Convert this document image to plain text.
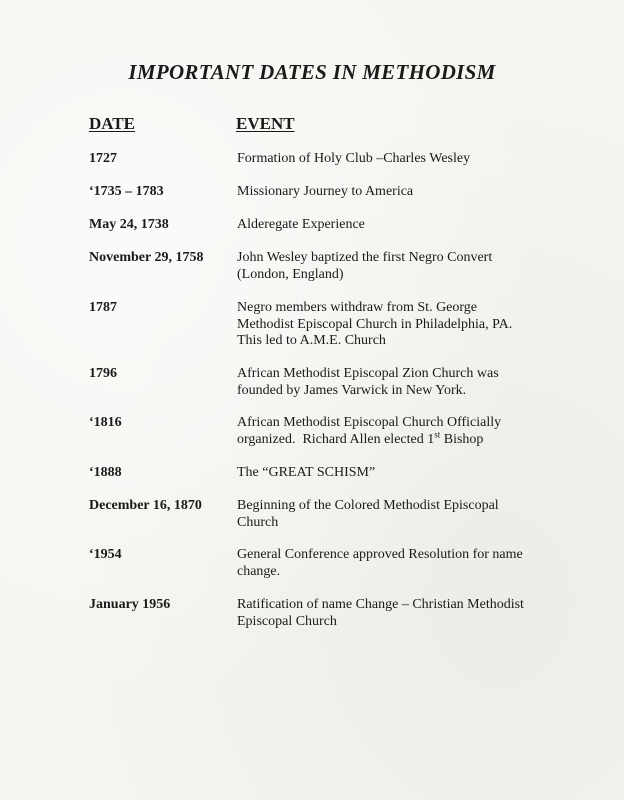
IMPORTANT DATES IN METHODISM
DATE	EVENT
1727	Formation of Holy Club –Charles Wesley
‘1735 – 1783	Missionary Journey to America
May 24, 1738	Alderegate Experience
November 29, 1758 John Wesley baptized the first Negro Convert
(London, England)
1787	Negro members withdraw from St. George
Methodist Episcopal Church in Philadelphia, PA.
This led to A.M.E. Church
1796	African Methodist Episcopal Zion Church was
founded by James Varwick in New York.
‘1816	African Methodist Episcopal Church Officially
organized.  Richard Allen elected 1st Bishop
‘1888	The “GREAT SCHISM”
December 16, 1870	Beginning of the Colored Methodist Episcopal
Church
‘1954	General Conference approved Resolution for name
change.
January 1956	Ratification of name Change – Christian Methodist
Episcopal Church
